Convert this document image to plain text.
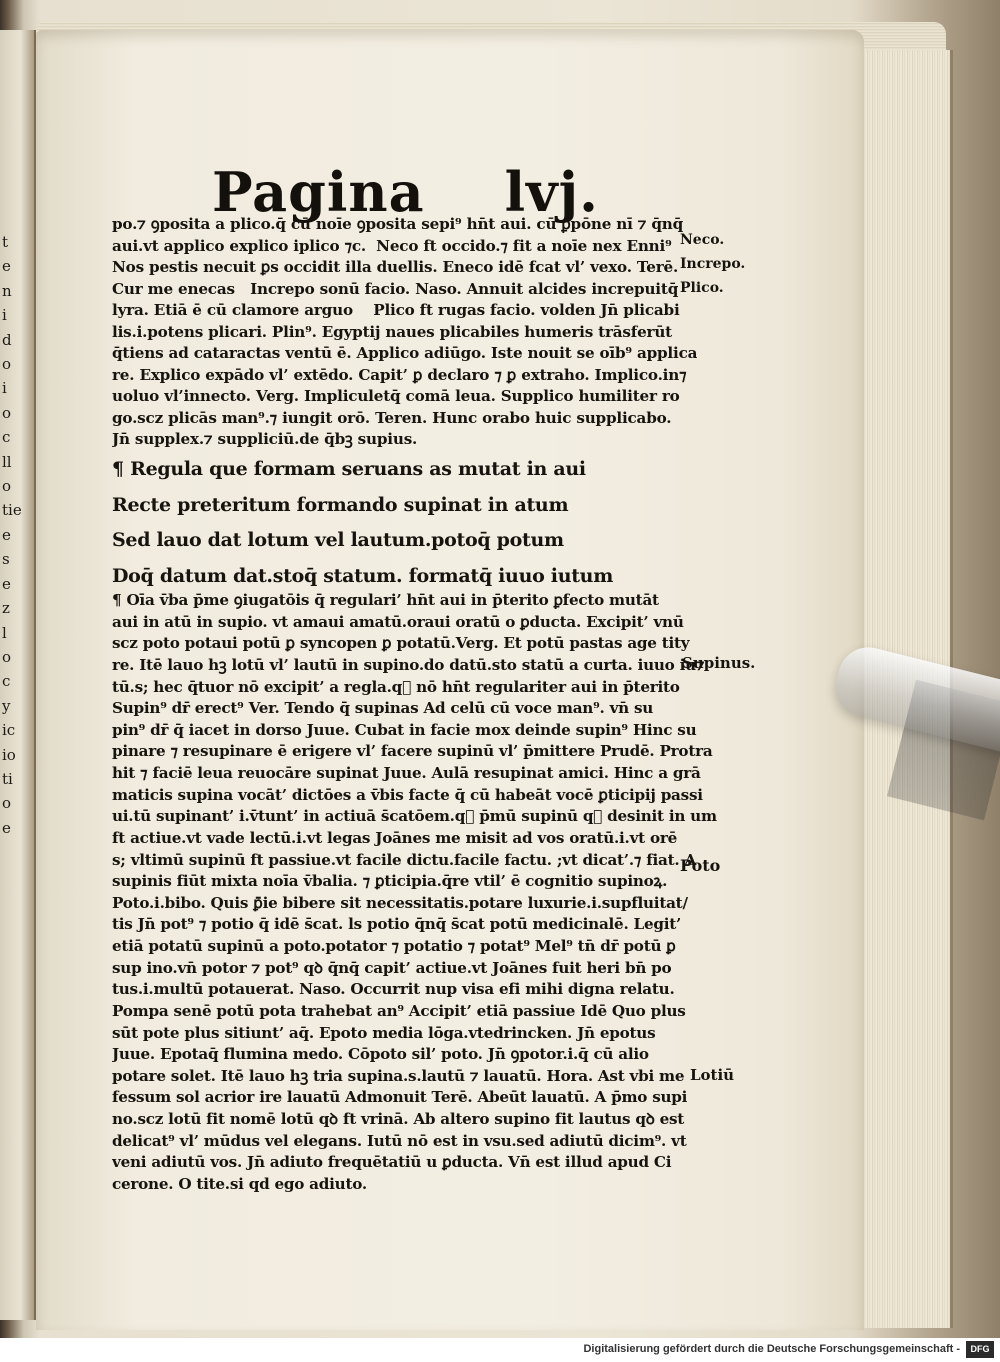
t
e
n
i
d
o
i
o
c
ll
o
tie
e
s
e
z
l
o
c
y
ic
io
ti
o
e
Pagina lvj.
po.⁊ ꝯposita a plico.q̄ cū noīe ꝯposita sepi⁹ hn̄t aui. cū ꝑpōne nī ⁊ q̄nq̄
aui.vt applico explico iplico ⁊c.  Neco ft occido.⁊ fit a noīe nex Enni⁹
Nos pestis necuit ꝑs occidit illa duellis. Eneco idē fcat vl’ vexo. Terē.
Cur me enecas   Increpo sonū facio. Naso. Annuit alcides increpuitq̄
lyra. Etiā ē cū clamore arguo    Plico ft rugas facio. volden Jn̄ plicabi
lis.i.potens plicari. Plin⁹. Egyptij naues plicabiles humeris trāsferūt
q̄tiens ad cataractas ventū ē. Applico adiūgo. Iste nouit se oīb⁹ applica
re. Explico expādo vl’ extēdo. Capit’ ꝑ declaro ⁊ ꝑ extraho. Implico.in⁊
uoluo vl’innecto. Verg. Impliculetq̄ comā leua. Supplico humiliter ro
go.scz plicās man⁹.⁊ iungit orō. Teren. Hunc orabo huic supplicabo.
Jn̄ supplex.⁊ suppliciū.de q̄bꝫ supius.
¶ Regula que formam seruans as mutat in aui
Recte preteritum formando supinat in atum
Sed lauo dat lotum vel lautum.potoq̄ potum
Doq̄ datum dat.stoq̄ statum. formatq̄ iuuo iutum
¶ Oīa v̄ba p̄me ꝯiugatōis q̄ regulari’ hn̄t aui in p̄terito ꝑfecto mutāt
aui in atū in supio. vt amaui amatū.oraui oratū o ꝑducta. Excipit’ vnū
scz poto potaui potū ꝑ syncopen ꝑ potatū.Verg. Et potū pastas age tity
re. Itē lauo hꝫ lotū vl’ lautū in supino.do datū.sto statū a curta. iuuo iu⁊
tū.s; hec q̄tuor nō excipit’ a regla.q᷑ nō hn̄t regulariter aui in p̄terito
Supin⁹ dr̄ erect⁹ Ver. Tendo q̄ supinas Ad celū cū voce man⁹. vn̄ su
pin⁹ dr̄ q̄ iacet in dorso Juue. Cubat in facie mox deinde supin⁹ Hinc su
pinare ⁊ resupinare ē erigere vl’ facere supinū vl’ p̄mittere Prudē. Protra
hit ⁊ faciē leua reuocāre supinat Juue. Aulā resupinat amici. Hinc a grā
maticis supina vocāt’ dictōes a v̄bis facte q̄ cū habeāt vocē ꝑticipij passi
ui.tū supinant’ i.v̄tunt’ in actiuā s̄catōem.q᷑ p̄mū supinū qꝺ desinit in um
ft actiue.vt vade lectū.i.vt legas Joānes me misit ad vos oratū.i.vt orē
s; vltimū supinū ft passiue.vt facile dictu.facile factu. ;vt dicat’.⁊ fiat. A
supinis fiūt mixta noīa v̄balia. ⁊ ꝑticipia.q̄re vtil’ ē cognitio supinoꝝ.
Poto.i.bibo. Quis ꝑ̄ie bibere sit necessitatis.potare luxurie.i.supfluitat/
tis Jn̄ pot⁹ ⁊ potio q̄ idē s̄cat. ls potio q̄nq̄ s̄cat potū medicinalē. Legit’
etiā potatū supinū a poto.potator ⁊ potatio ⁊ potat⁹ Mel⁹ tn̄ dr̄ potū ꝑ
sup ino.vn̄ potor ⁊ pot⁹ qꝺ q̄nq̄ capit’ actiue.vt Joānes fuit heri bn̄ po
tus.i.multū potauerat. Naso. Occurrit nup visa efi mihi digna relatu.
Pompa senē potū pota trahebat an⁹ Accipit’ etiā passiue Idē Quo plus
sūt pote plus sitiunt’ aq̄. Epoto media lōga.vtedrincken. Jn̄ epotus
Juue. Epotaq̄ flumina medo. Cōpoto sil’ poto. Jn̄ ꝯpotor.i.q̄ cū alio
potare solet. Itē lauo hꝫ tria supina.s.lautū ⁊ lauatū. Hora. Ast vbi me
fessum sol acrior ire lauatū Admonuit Terē. Abeūt lauatū. A p̄mo supi
no.scz lotū fit nomē lotū qꝺ ft vrinā. Ab altero supino fit lautus qꝺ est
delicat⁹ vl’ mūdus vel elegans. Iutū nō est in vsu.sed adiutū dicim⁹. vt
veni adiutū vos. Jn̄ adiuto frequētatiū u ꝑducta. Vn̄ est illud apud Ci
cerone. O tite.si qd ego adiuto.
Neco.
Increpo.
Plico.
Supinus.
Poto
Lotiū
Digitalisierung gefördert durch die Deutsche Forschungsgemeinschaft -	DFG
